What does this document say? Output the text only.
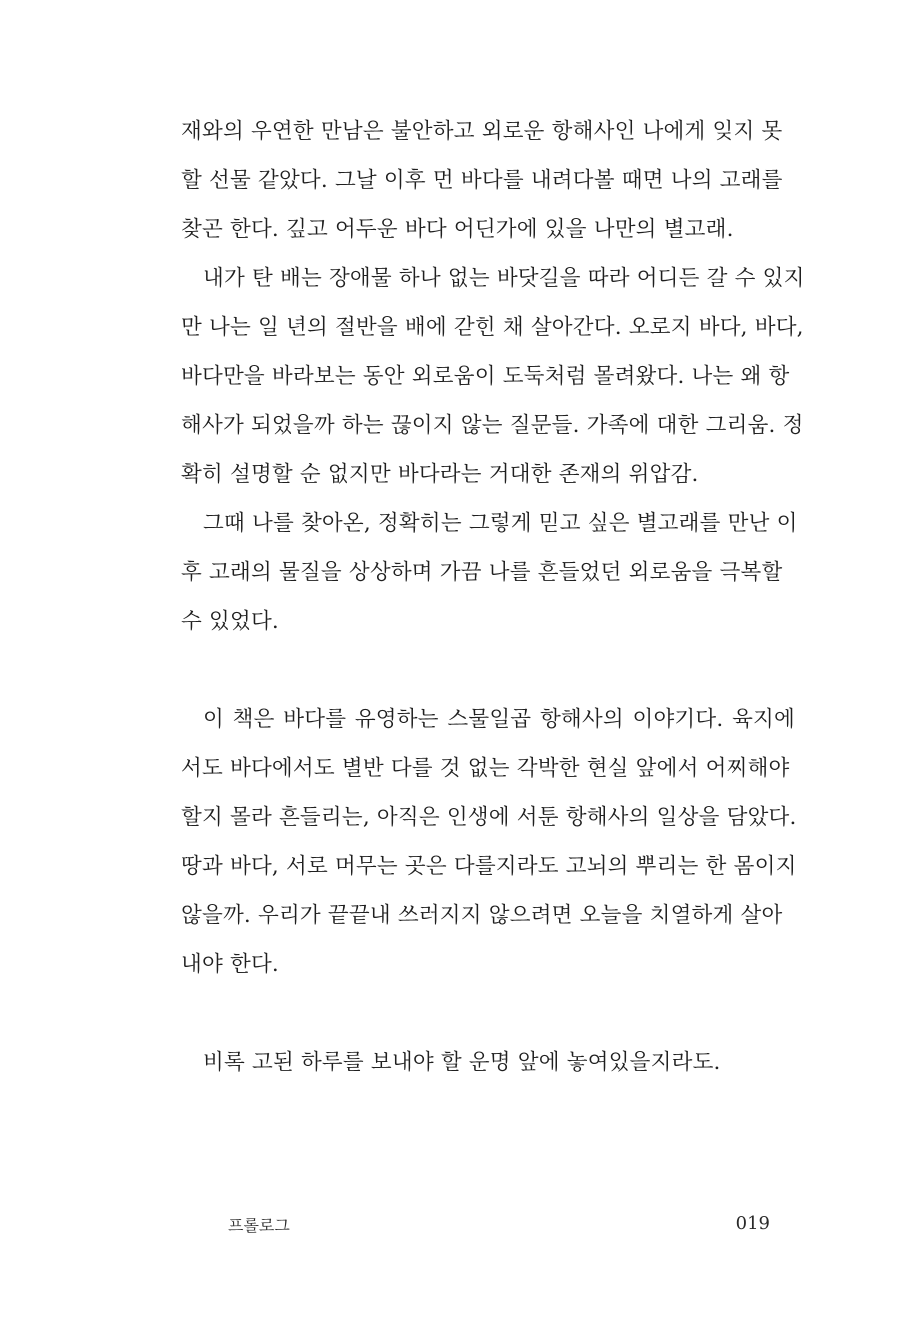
재와의 우연한 만남은 불안하고 외로운 항해사인 나에게 잊지 못
할 선물 같았다. 그날 이후 먼 바다를 내려다볼 때면 나의 고래를
찾곤 한다. 깊고 어두운 바다 어딘가에 있을 나만의 별고래.
내가 탄 배는 장애물 하나 없는 바닷길을 따라 어디든 갈 수 있지
만 나는 일 년의 절반을 배에 갇힌 채 살아간다. 오로지 바다, 바다,
바다만을 바라보는 동안 외로움이 도둑처럼 몰려왔다. 나는 왜 항
해사가 되었을까 하는 끊이지 않는 질문들. 가족에 대한 그리움. 정
확히 설명할 순 없지만 바다라는 거대한 존재의 위압감.
그때 나를 찾아온, 정확히는 그렇게 믿고 싶은 별고래를 만난 이
후 고래의 물질을 상상하며 가끔 나를 흔들었던 외로움을 극복할
수 있었다.
이 책은 바다를 유영하는 스물일곱 항해사의 이야기다. 육지에
서도 바다에서도 별반 다를 것 없는 각박한 현실 앞에서 어찌해야
할지 몰라 흔들리는, 아직은 인생에 서툰 항해사의 일상을 담았다.
땅과 바다, 서로 머무는 곳은 다를지라도 고뇌의 뿌리는 한 몸이지
않을까. 우리가 끝끝내 쓰러지지 않으려면 오늘을 치열하게 살아
내야 한다.
비록 고된 하루를 보내야 할 운명 앞에 놓여있을지라도.
프롤로그	019
